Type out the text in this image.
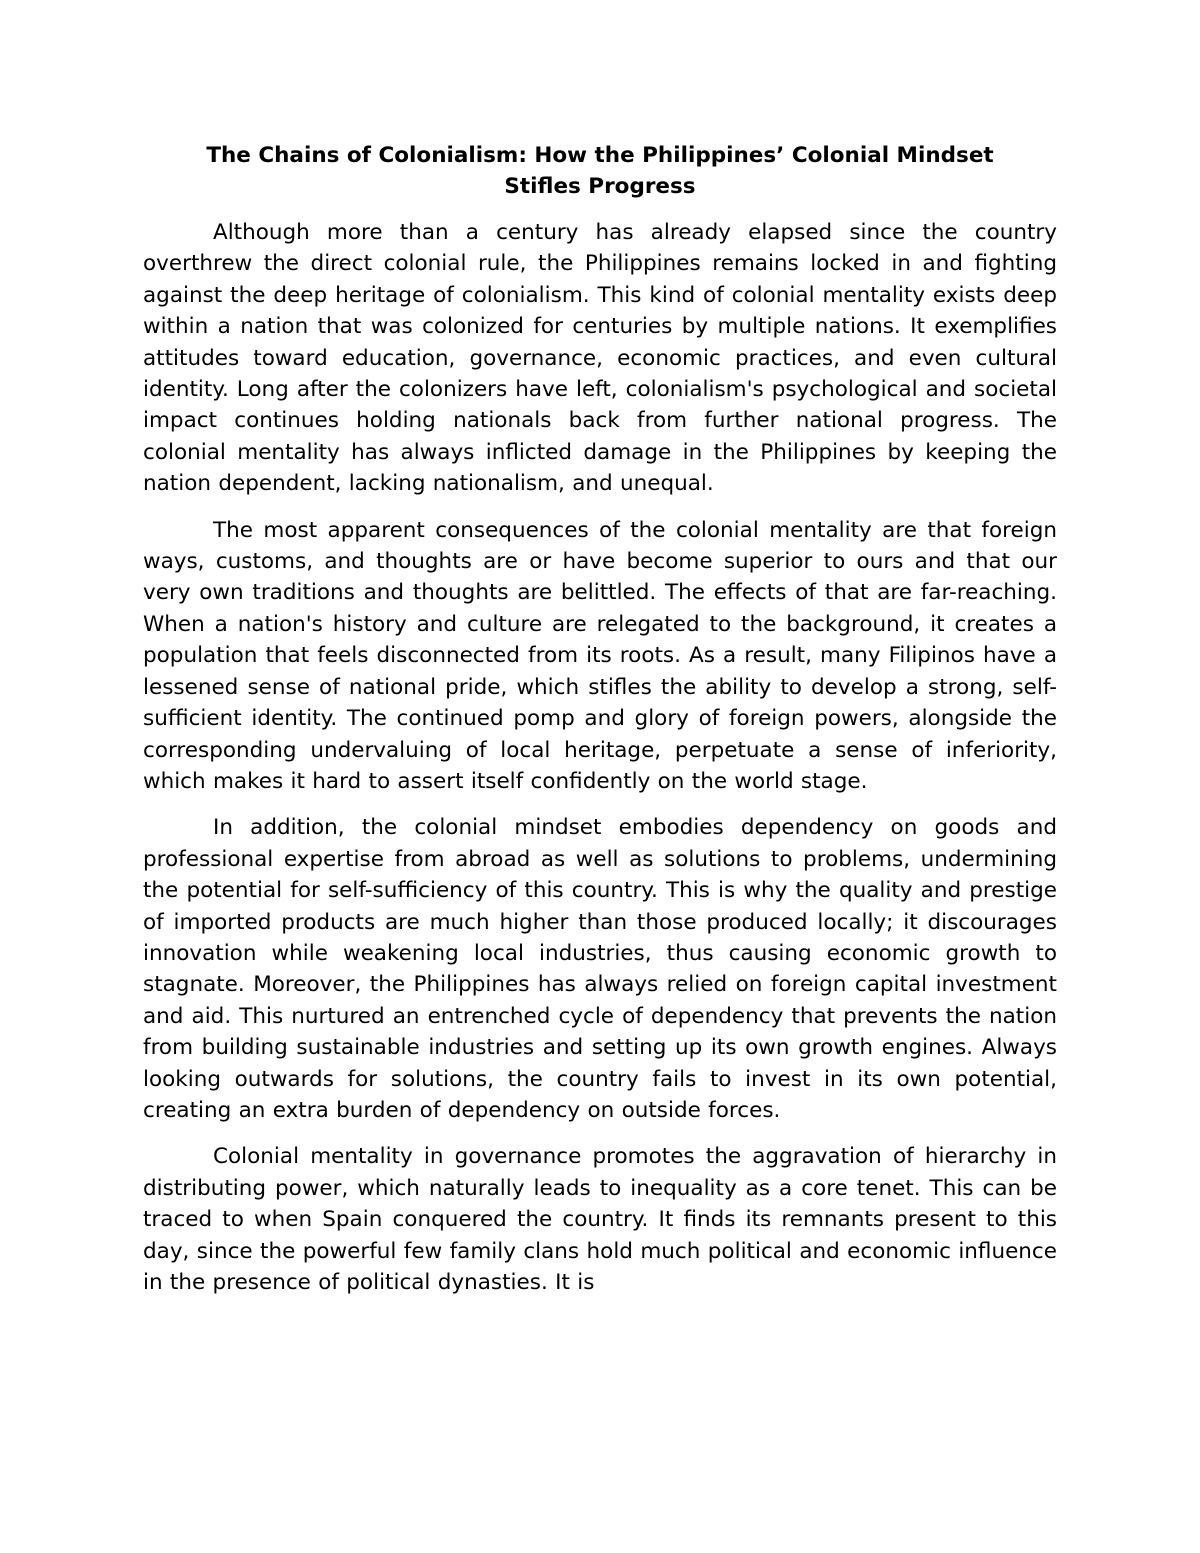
The Chains of Colonialism: How the Philippines’ Colonial Mindset
Stifles Progress

Although more than a century has already elapsed since the country overthrew the direct colonial rule, the Philippines remains locked in and fighting against the deep heritage of colonialism. This kind of colonial mentality exists deep within a nation that was colonized for centuries by multiple nations. It exemplifies attitudes toward education, governance, economic practices, and even cultural identity. Long after the colonizers have left, colonialism's psychological and societal impact continues holding nationals back from further national progress. The colonial mentality has always inflicted damage in the Philippines by keeping the nation dependent, lacking nationalism, and unequal.

The most apparent consequences of the colonial mentality are that foreign ways, customs, and thoughts are or have become superior to ours and that our very own traditions and thoughts are belittled. The effects of that are far-reaching. When a nation's history and culture are relegated to the background, it creates a population that feels disconnected from its roots. As a result, many Filipinos have a lessened sense of national pride, which stifles the ability to develop a strong, self-sufficient identity. The continued pomp and glory of foreign powers, alongside the corresponding undervaluing of local heritage, perpetuate a sense of inferiority, which makes it hard to assert itself confidently on the world stage.

In addition, the colonial mindset embodies dependency on goods and professional expertise from abroad as well as solutions to problems, undermining the potential for self-sufficiency of this country. This is why the quality and prestige of imported products are much higher than those produced locally; it discourages innovation while weakening local industries, thus causing economic growth to stagnate. Moreover, the Philippines has always relied on foreign capital investment and aid. This nurtured an entrenched cycle of dependency that prevents the nation from building sustainable industries and setting up its own growth engines. Always looking outwards for solutions, the country fails to invest in its own potential, creating an extra burden of dependency on outside forces.

Colonial mentality in governance promotes the aggravation of hierarchy in distributing power, which naturally leads to inequality as a core tenet. This can be traced to when Spain conquered the country. It finds its remnants present to this day, since the powerful few family clans hold much political and economic influence in the presence of political dynasties. It is
